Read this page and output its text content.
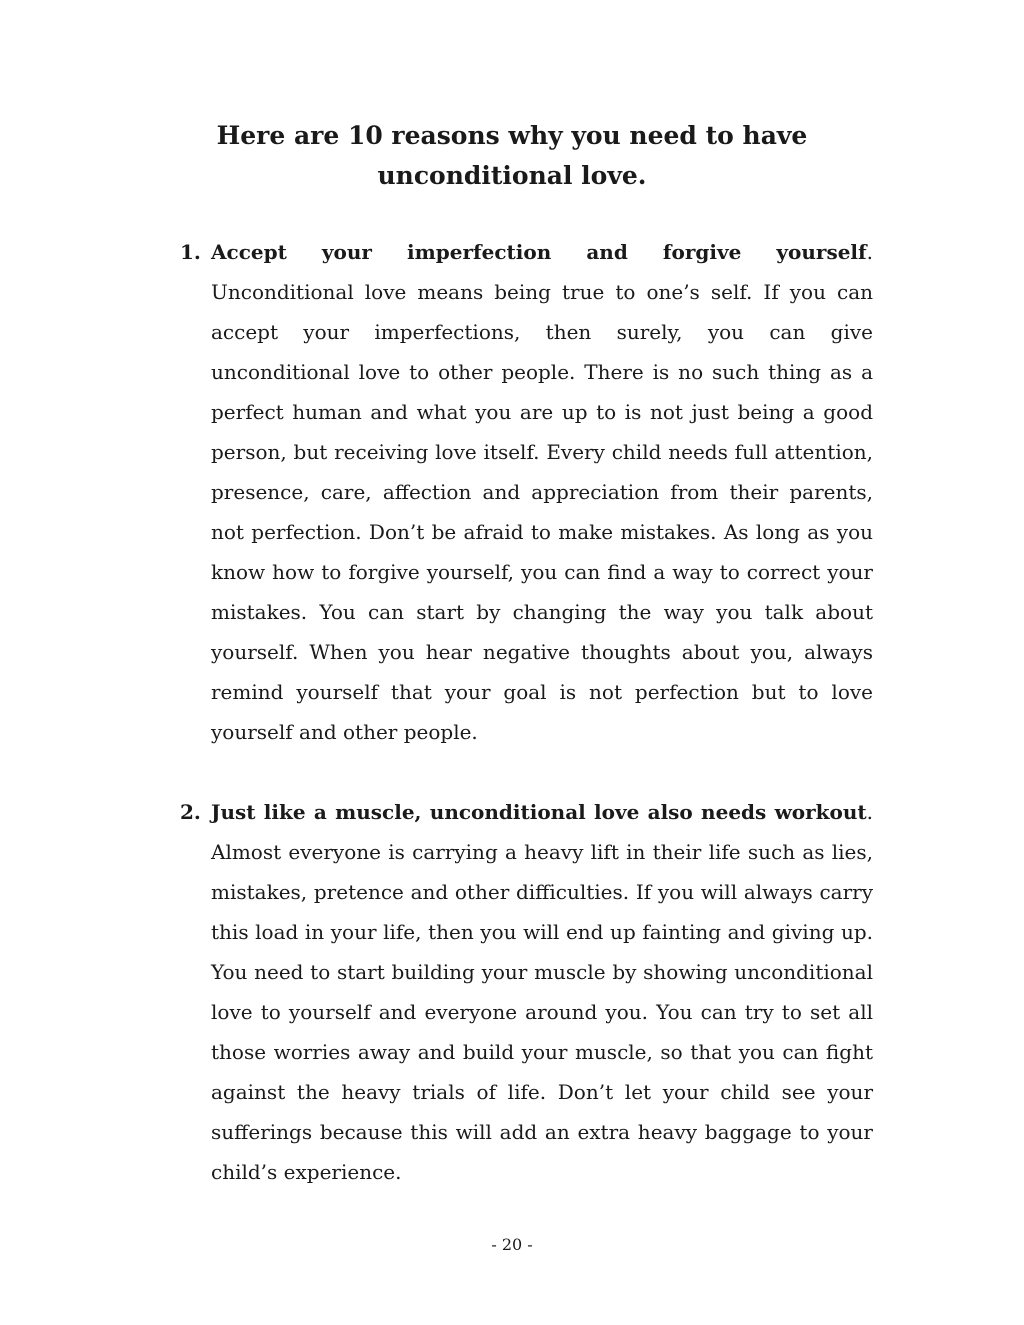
Here are 10 reasons why you need to have unconditional love.
1. Accept your imperfection and forgive yourself. Unconditional love means being true to one’s self. If you can accept your imperfections, then surely, you can give unconditional love to other people. There is no such thing as a perfect human and what you are up to is not just being a good person, but receiving love itself. Every child needs full attention, presence, care, affection and appreciation from their parents, not perfection. Don’t be afraid to make mistakes. As long as you know how to forgive yourself, you can find a way to correct your mistakes. You can start by changing the way you talk about yourself. When you hear negative thoughts about you, always remind yourself that your goal is not perfection but to love yourself and other people.

2. Just like a muscle, unconditional love also needs workout. Almost everyone is carrying a heavy lift in their life such as lies, mistakes, pretence and other difficulties. If you will always carry this load in your life, then you will end up fainting and giving up. You need to start building your muscle by showing unconditional love to yourself and everyone around you. You can try to set all those worries away and build your muscle, so that you can fight against the heavy trials of life. Don’t let your child see your sufferings because this will add an extra heavy baggage to your child’s experience.

- 20 -
